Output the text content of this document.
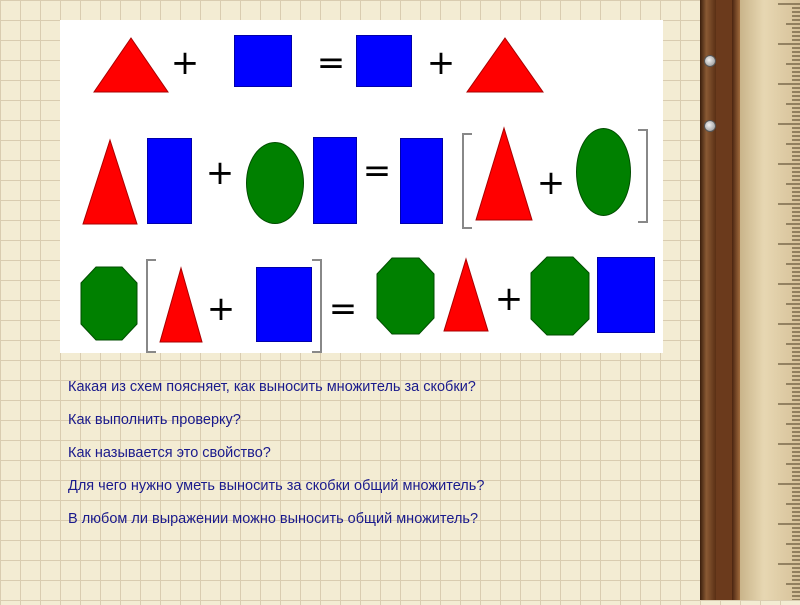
+	= +
+	=	+
+	=	+
Какая из схем поясняет, как выносить множитель за скобки?
Как выполнить проверку?
Как называется это свойство?
Для чего нужно уметь выносить за скобки общий множитель?
В любом ли выражении можно выносить общий множитель?
